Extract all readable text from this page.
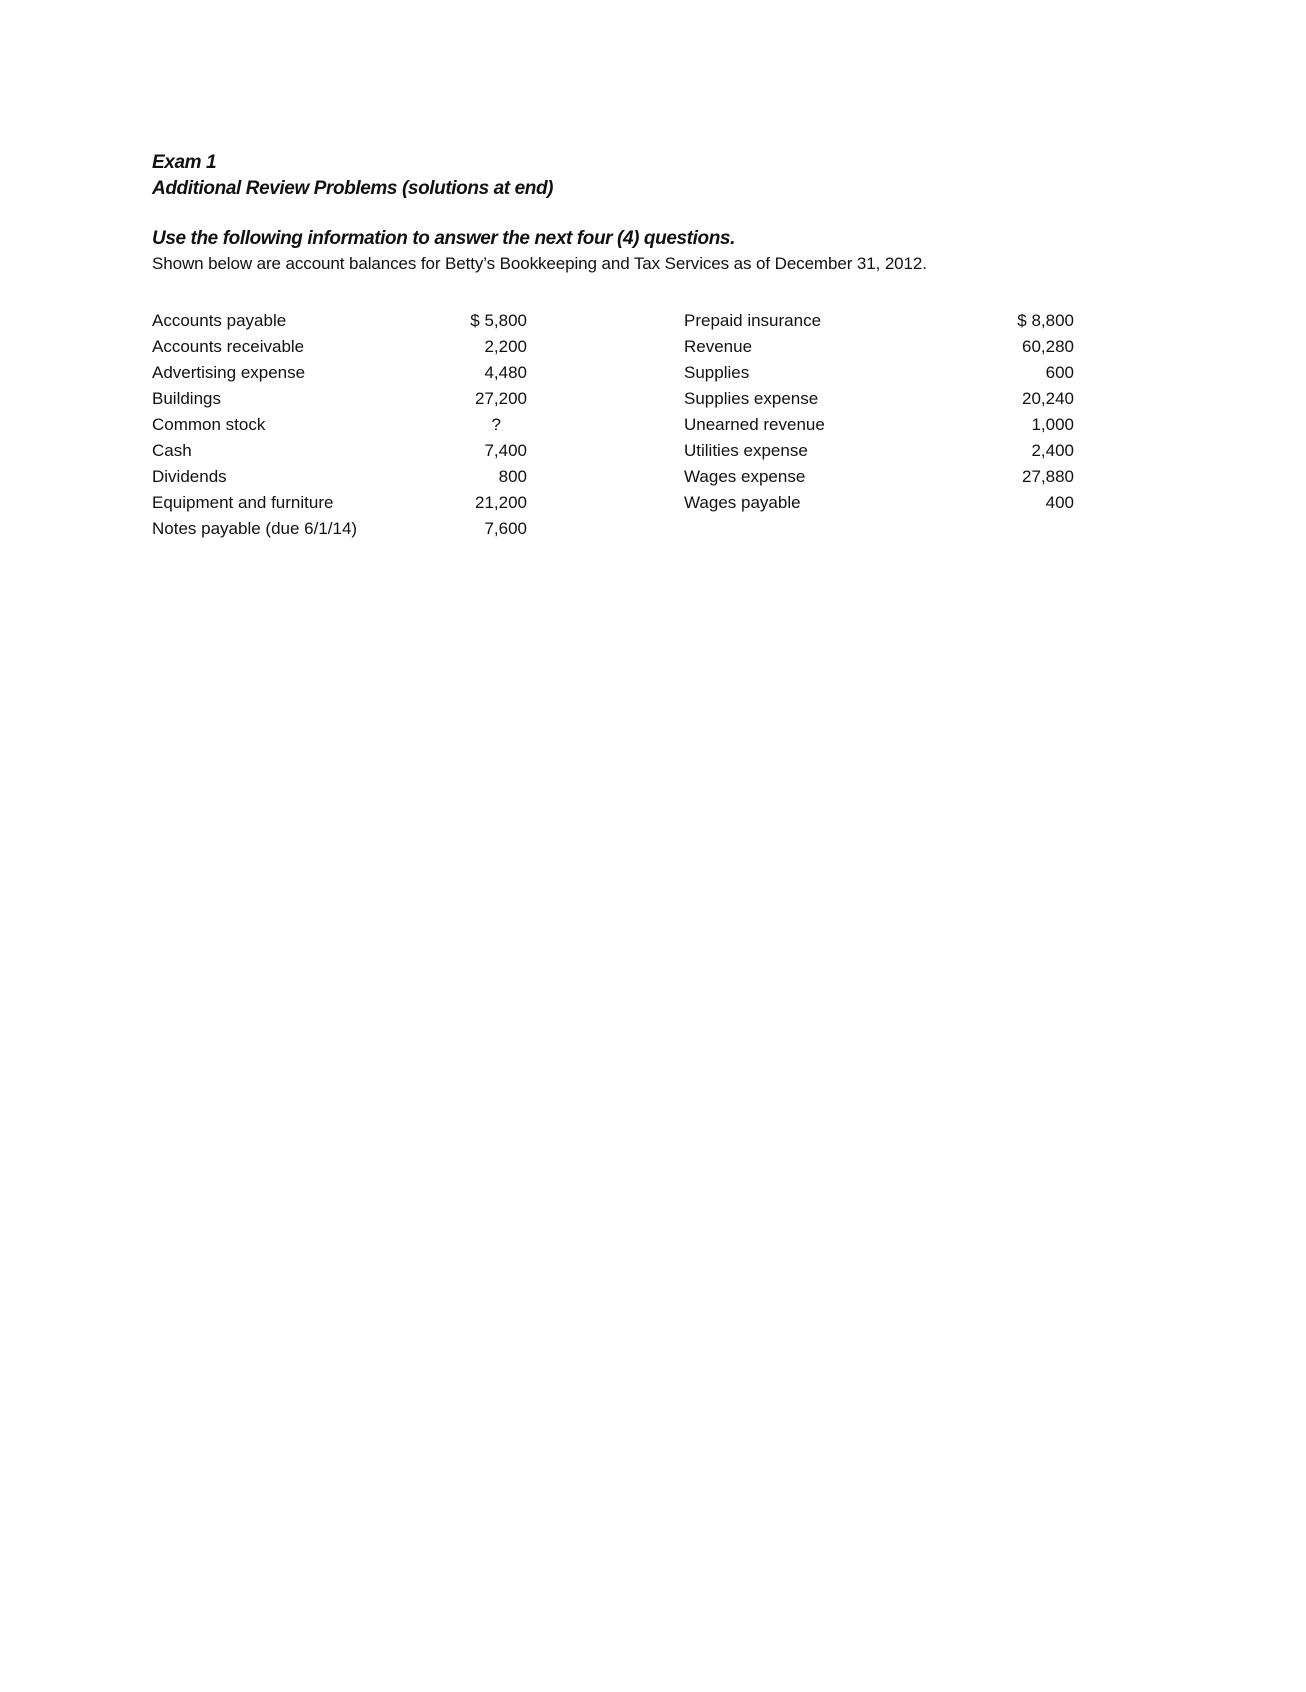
Exam 1

Additional Review Problems (solutions at end)

Use the following information to answer the next four (4) questions.

Shown below are account balances for Betty’s Bookkeeping and Tax Services as of December 31, 2012.

Accounts payable	$ 5,800
Accounts receivable	2,200
Advertising expense	4,480
Buildings	27,200
Common stock	?
Cash	7,400
Dividends	800
Equipment and furniture	21,200
Notes payable (due 6/1/14)	7,600
Prepaid insurance	$ 8,800
Revenue	60,280
Supplies	600
Supplies expense	20,240
Unearned revenue	1,000
Utilities expense	2,400
Wages expense	27,880
Wages payable	400
